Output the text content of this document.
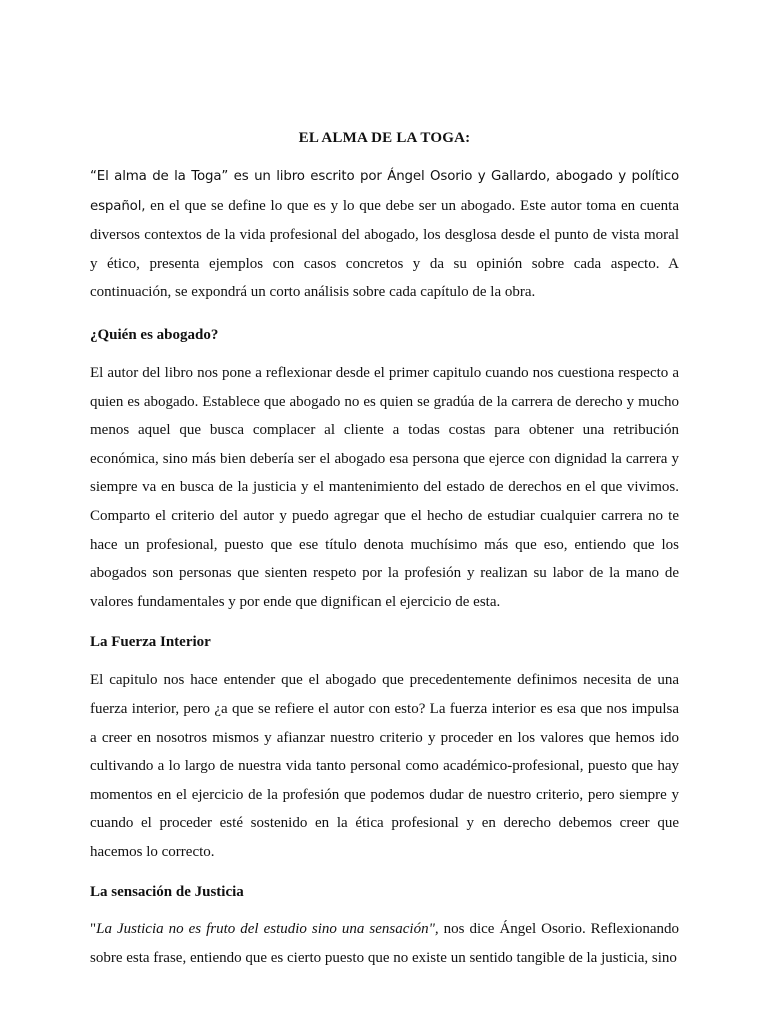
EL ALMA DE LA TOGA:

“El alma de la Toga” es un libro escrito por Ángel Osorio y Gallardo, abogado y político español, en el que se define lo que es y lo que debe ser un abogado. Este autor toma en cuenta diversos contextos de la vida profesional del abogado, los desglosa desde el punto de vista moral y ético, presenta ejemplos con casos concretos y da su opinión sobre cada aspecto. A continuación, se expondrá un corto análisis sobre cada capítulo de la obra.

¿Quién es abogado?

El autor del libro nos pone a reflexionar desde el primer capitulo cuando nos cuestiona respecto a quien es abogado. Establece que abogado no es quien se gradúa de la carrera de derecho y mucho menos aquel que busca complacer al cliente a todas costas para obtener una retribución económica, sino más bien debería ser el abogado esa persona que ejerce con dignidad la carrera y siempre va en busca de la justicia y el mantenimiento del estado de derechos en el que vivimos. Comparto el criterio del autor y puedo agregar que el hecho de estudiar cualquier carrera no te hace un profesional, puesto que ese título denota muchísimo más que eso, entiendo que los abogados son personas que sienten respeto por la profesión y realizan su labor de la mano de valores fundamentales y por ende que dignifican el ejercicio de esta.

La Fuerza Interior

El capitulo nos hace entender que el abogado que precedentemente definimos necesita de una fuerza interior, pero ¿a que se refiere el autor con esto? La fuerza interior es esa que nos impulsa a creer en nosotros mismos y afianzar nuestro criterio y proceder en los valores que hemos ido cultivando a lo largo de nuestra vida tanto personal como académico-profesional, puesto que hay momentos en el ejercicio de la profesión que podemos dudar de nuestro criterio, pero siempre y cuando el proceder esté sostenido en la ética profesional y en derecho debemos creer que hacemos lo correcto.

La sensación de Justicia

"La Justicia no es fruto del estudio sino una sensación", nos dice Ángel Osorio. Reflexionando sobre esta frase, entiendo que es cierto puesto que no existe un sentido tangible de la justicia, sino
